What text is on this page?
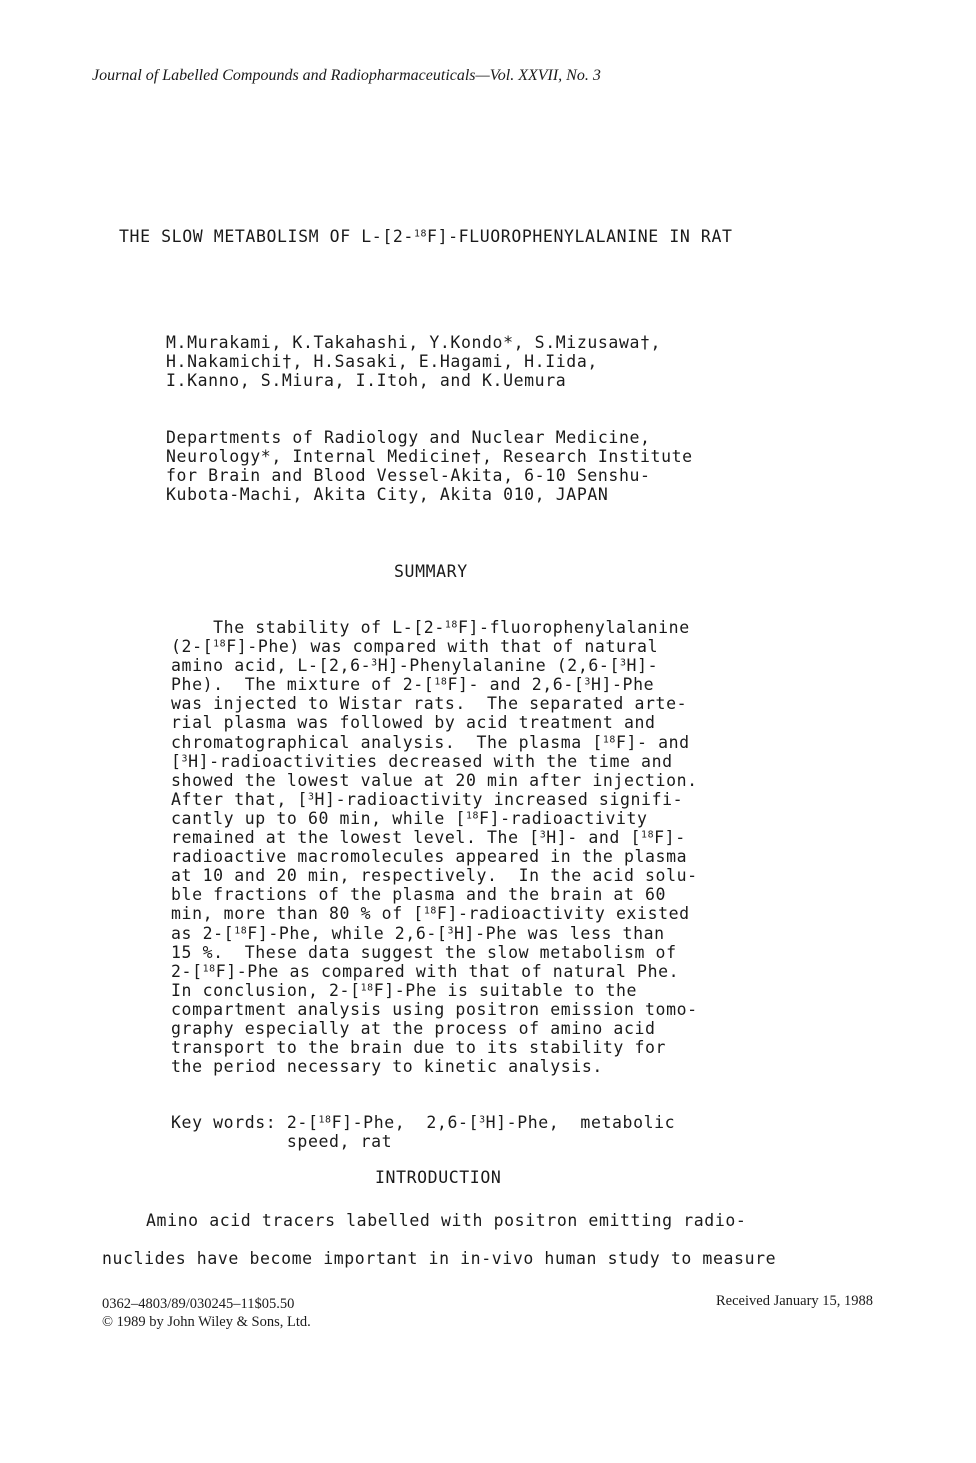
Journal of Labelled Compounds and Radiopharmaceuticals—Vol. XXVII, No. 3
THE SLOW METABOLISM OF L-[2-$^{18}$F]-FLUOROPHENYLALANINE IN RAT
M.Murakami, K.Takahashi, Y.Kondo*, S.Mizusawa†,
H.Nakamichi†, H.Sasaki, E.Hagami, H.Iida,
I.Kanno, S.Miura, I.Itoh, and K.Uemura
Departments of Radiology and Nuclear Medicine,
Neurology*, Internal Medicine†, Research Institute
for Brain and Blood Vessel-Akita, 6-10 Senshu-
Kubota-Machi, Akita City, Akita 010, JAPAN
SUMMARY
The stability of L-[2-$^{18}$F]-fluorophenylalanine
(2-[$^{18}$F]-Phe) was compared with that of natural
amino acid, L-[2,6-$^3$H]-Phenylalanine (2,6-[$^3$H]-
Phe).  The mixture of 2-[$^{18}$F]- and 2,6-[$^3$H]-Phe
was injected to Wistar rats.  The separated arte-
rial plasma was followed by acid treatment and
chromatographical analysis.  The plasma [$^{18}$F]- and
[$^3$H]-radioactivities decreased with the time and
showed the lowest value at 20 min after injection.
After that, [$^3$H]-radioactivity increased signifi-
cantly up to 60 min, while [$^{18}$F]-radioactivity
remained at the lowest level. The [$^3$H]- and [$^{18}$F]-
radioactive macromolecules appeared in the plasma
at 10 and 20 min, respectively.  In the acid solu-
ble fractions of the plasma and the brain at 60
min, more than 80 % of [$^{18}$F]-radioactivity existed
as 2-[$^{18}$F]-Phe, while 2,6-[$^3$H]-Phe was less than
15 %.  These data suggest the slow metabolism of
2-[$^{18}$F]-Phe as compared with that of natural Phe.
In conclusion, 2-[$^{18}$F]-Phe is suitable to the
compartment analysis using positron emission tomo-
graphy especially at the process of amino acid
transport to the brain due to its stability for
the period necessary to kinetic analysis.
Key words: 2-[$^{18}$F]-Phe,  2,6-[$^3$H]-Phe,  metabolic
speed, rat
INTRODUCTION
Amino acid tracers labelled with positron emitting radio-
nuclides have become important in in-vivo human study to measure
0362–4803/89/030245–11$05.50
© 1989 by John Wiley & Sons, Ltd.
Received January 15, 1988
